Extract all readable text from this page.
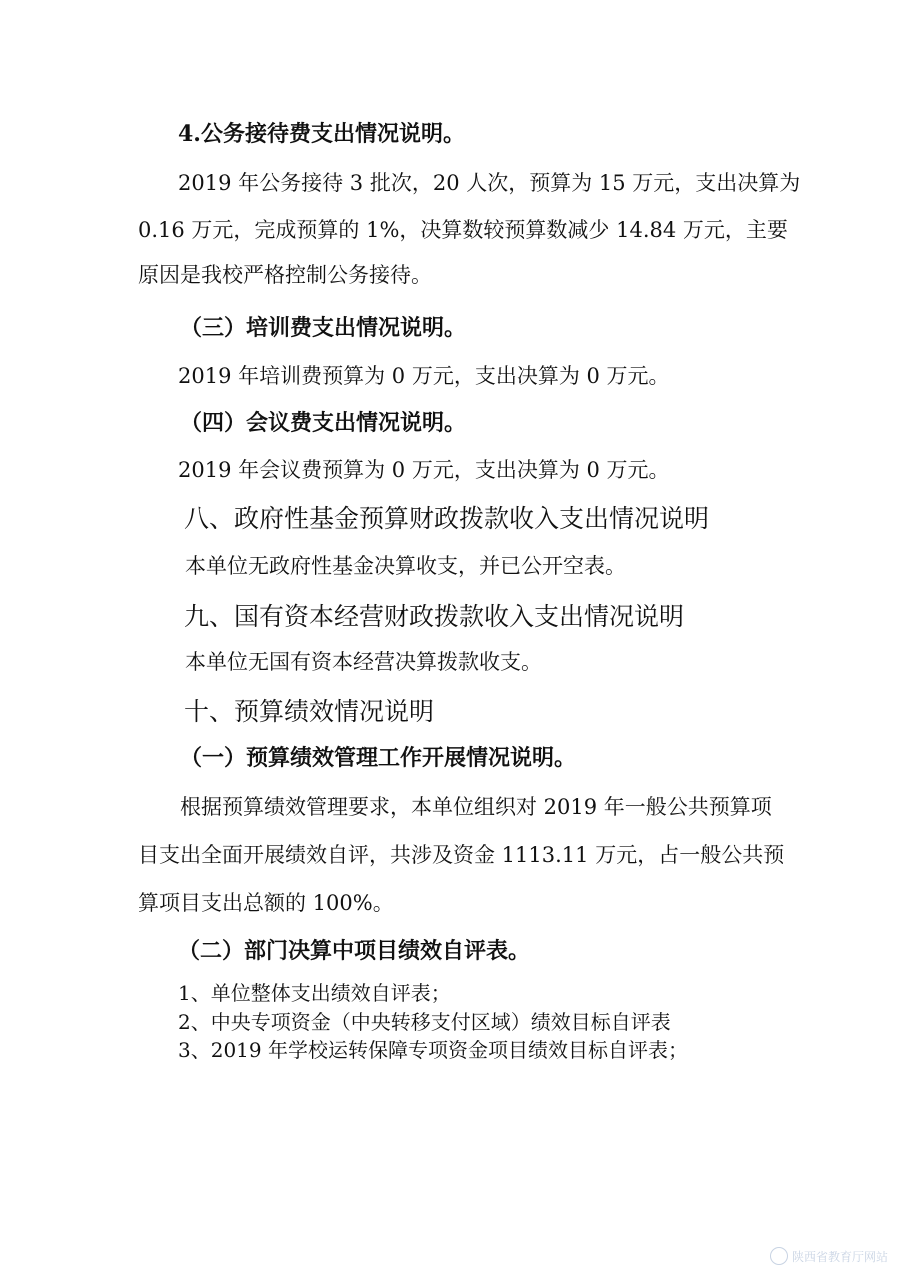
4.公务接待费支出情况说明。
2019 年公务接待 3 批次，20 人次，预算为 15 万元，支出决算为
0.16 万元，完成预算的 1%，决算数较预算数减少 14.84 万元，主要
原因是我校严格控制公务接待。
（三）培训费支出情况说明。
2019 年培训费预算为 0 万元，支出决算为 0 万元。
（四）会议费支出情况说明。
2019 年会议费预算为 0 万元，支出决算为 0 万元。
八、政府性基金预算财政拨款收入支出情况说明
本单位无政府性基金决算收支，并已公开空表。
九、国有资本经营财政拨款收入支出情况说明
本单位无国有资本经营决算拨款收支。
十、预算绩效情况说明
（一）预算绩效管理工作开展情况说明。
根据预算绩效管理要求，本单位组织对 2019 年一般公共预算项
目支出全面开展绩效自评，共涉及资金 1113.11 万元，占一般公共预
算项目支出总额的 100%。
（二）部门决算中项目绩效自评表。
1、单位整体支出绩效自评表；
2、中央专项资金（中央转移支付区域）绩效目标自评表
3、2019 年学校运转保障专项资金项目绩效目标自评表；
陕西省教育厅网站
